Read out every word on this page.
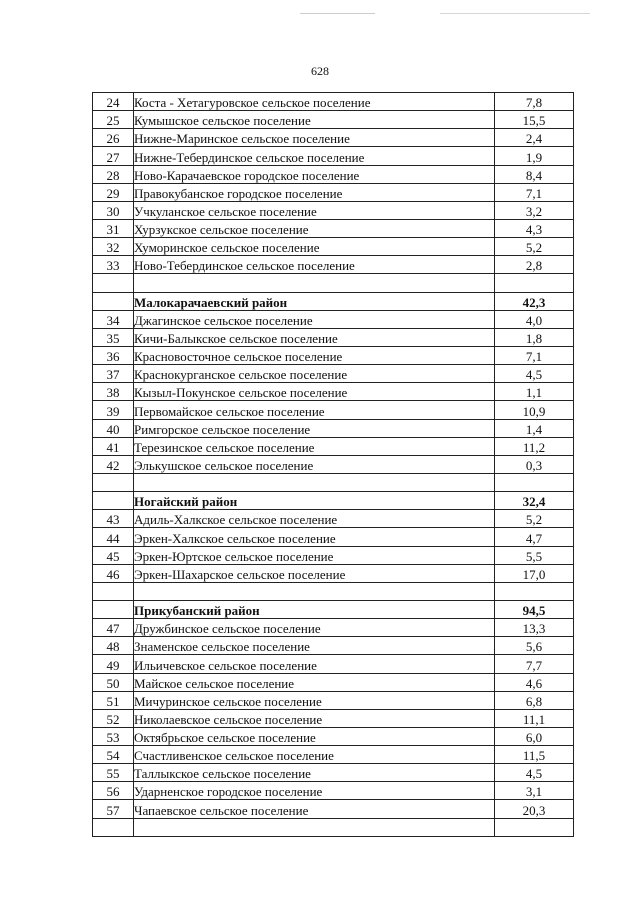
628
24	Коста - Хетагуровское сельское поселение	7,8
25	Кумышское сельское поселение	15,5
26	Нижне-Маринское сельское поселение	2,4
27	Нижне-Тебердинское сельское поселение	1,9
28	Ново-Карачаевское городское поселение	8,4
29	Правокубанское городское поселение	7,1
30	Учкуланское сельское поселение	3,2
31	Хурзукское сельское поселение	4,3
32	Хуморинское сельское поселение	5,2
33	Ново-Тебердинское сельское поселение	2,8

	Малокарачаевский район	42,3
34	Джагинское сельское поселение	4,0
35	Кичи-Балыкское сельское поселение	1,8
36	Красновосточное сельское поселение	7,1
37	Краснокурганское сельское поселение	4,5
38	Кызыл-Покунское сельское поселение	1,1
39	Первомайское сельское поселение	10,9
40	Римгорское сельское поселение	1,4
41	Терезинское сельское поселение	11,2
42	Элькушское сельское поселение	0,3

	Ногайский район	32,4
43	Адиль-Халкское сельское поселение	5,2
44	Эркен-Халкское сельское поселение	4,7
45	Эркен-Юртское сельское поселение	5,5
46	Эркен-Шахарское сельское поселение	17,0

	Прикубанский район	94,5
47	Дружбинское сельское поселение	13,3
48	Знаменское сельское поселение	5,6
49	Ильичевское сельское поселение	7,7
50	Майское сельское поселение	4,6
51	Мичуринское сельское поселение	6,8
52	Николаевское сельское поселение	11,1
53	Октябрьское сельское поселение	6,0
54	Счастливенское сельское поселение	11,5
55	Таллыкское сельское поселение	4,5
56	Ударненское городское поселение	3,1
57	Чапаевское сельское поселение	20,3
